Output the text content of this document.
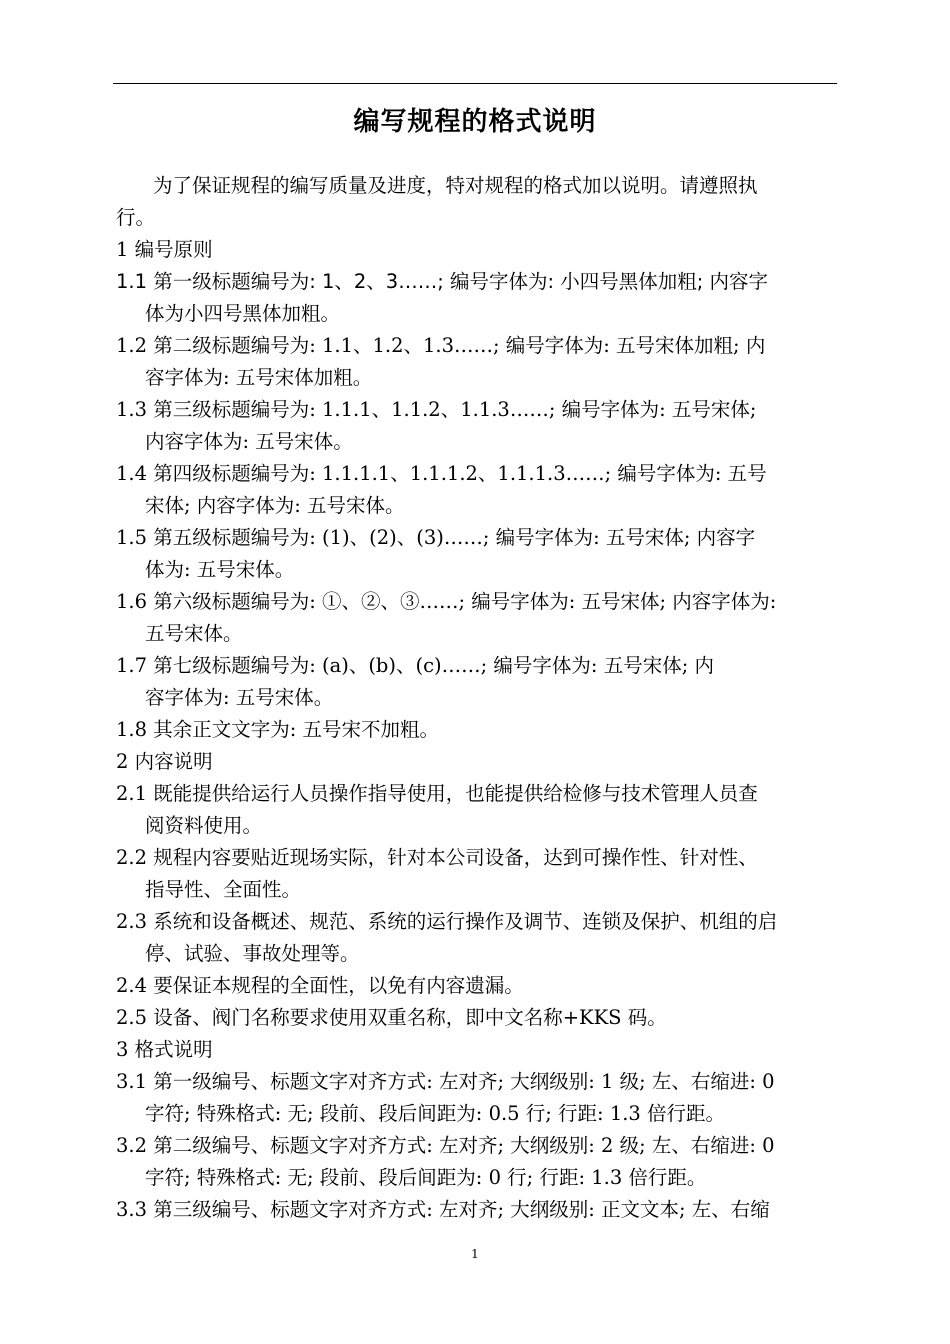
编写规程的格式说明
为了保证规程的编写质量及进度，特对规程的格式加以说明。请遵照执
行。
1 编号原则
1.1 第一级标题编号为: 1、2、3……; 编号字体为: 小四号黑体加粗; 内容字
体为小四号黑体加粗。
1.2 第二级标题编号为: 1.1、1.2、1.3……; 编号字体为: 五号宋体加粗; 内
容字体为: 五号宋体加粗。
1.3 第三级标题编号为: 1.1.1、1.1.2、1.1.3……; 编号字体为: 五号宋体;
内容字体为: 五号宋体。
1.4 第四级标题编号为: 1.1.1.1、1.1.1.2、1.1.1.3……; 编号字体为: 五号
宋体; 内容字体为: 五号宋体。
1.5 第五级标题编号为: (1)、(2)、(3)……; 编号字体为: 五号宋体; 内容字
体为: 五号宋体。
1.6 第六级标题编号为: ①、②、③……; 编号字体为: 五号宋体; 内容字体为:
五号宋体。
1.7 第七级标题编号为: (a)、(b)、(c)……; 编号字体为: 五号宋体; 内
容字体为: 五号宋体。
1.8 其余正文文字为: 五号宋不加粗。
2 内容说明
2.1 既能提供给运行人员操作指导使用，也能提供给检修与技术管理人员查
阅资料使用。
2.2 规程内容要贴近现场实际，针对本公司设备，达到可操作性、针对性、
指导性、全面性。
2.3 系统和设备概述、规范、系统的运行操作及调节、连锁及保护、机组的启
停、试验、事故处理等。
2.4 要保证本规程的全面性，以免有内容遗漏。
2.5 设备、阀门名称要求使用双重名称，即中文名称+KKS 码。
3 格式说明
3.1 第一级编号、标题文字对齐方式: 左对齐; 大纲级别: 1 级; 左、右缩进: 0
字符; 特殊格式: 无; 段前、段后间距为: 0.5 行; 行距: 1.3 倍行距。
3.2 第二级编号、标题文字对齐方式: 左对齐; 大纲级别: 2 级; 左、右缩进: 0
字符; 特殊格式: 无; 段前、段后间距为: 0 行; 行距: 1.3 倍行距。
3.3 第三级编号、标题文字对齐方式: 左对齐; 大纲级别: 正文文本; 左、右缩
1
